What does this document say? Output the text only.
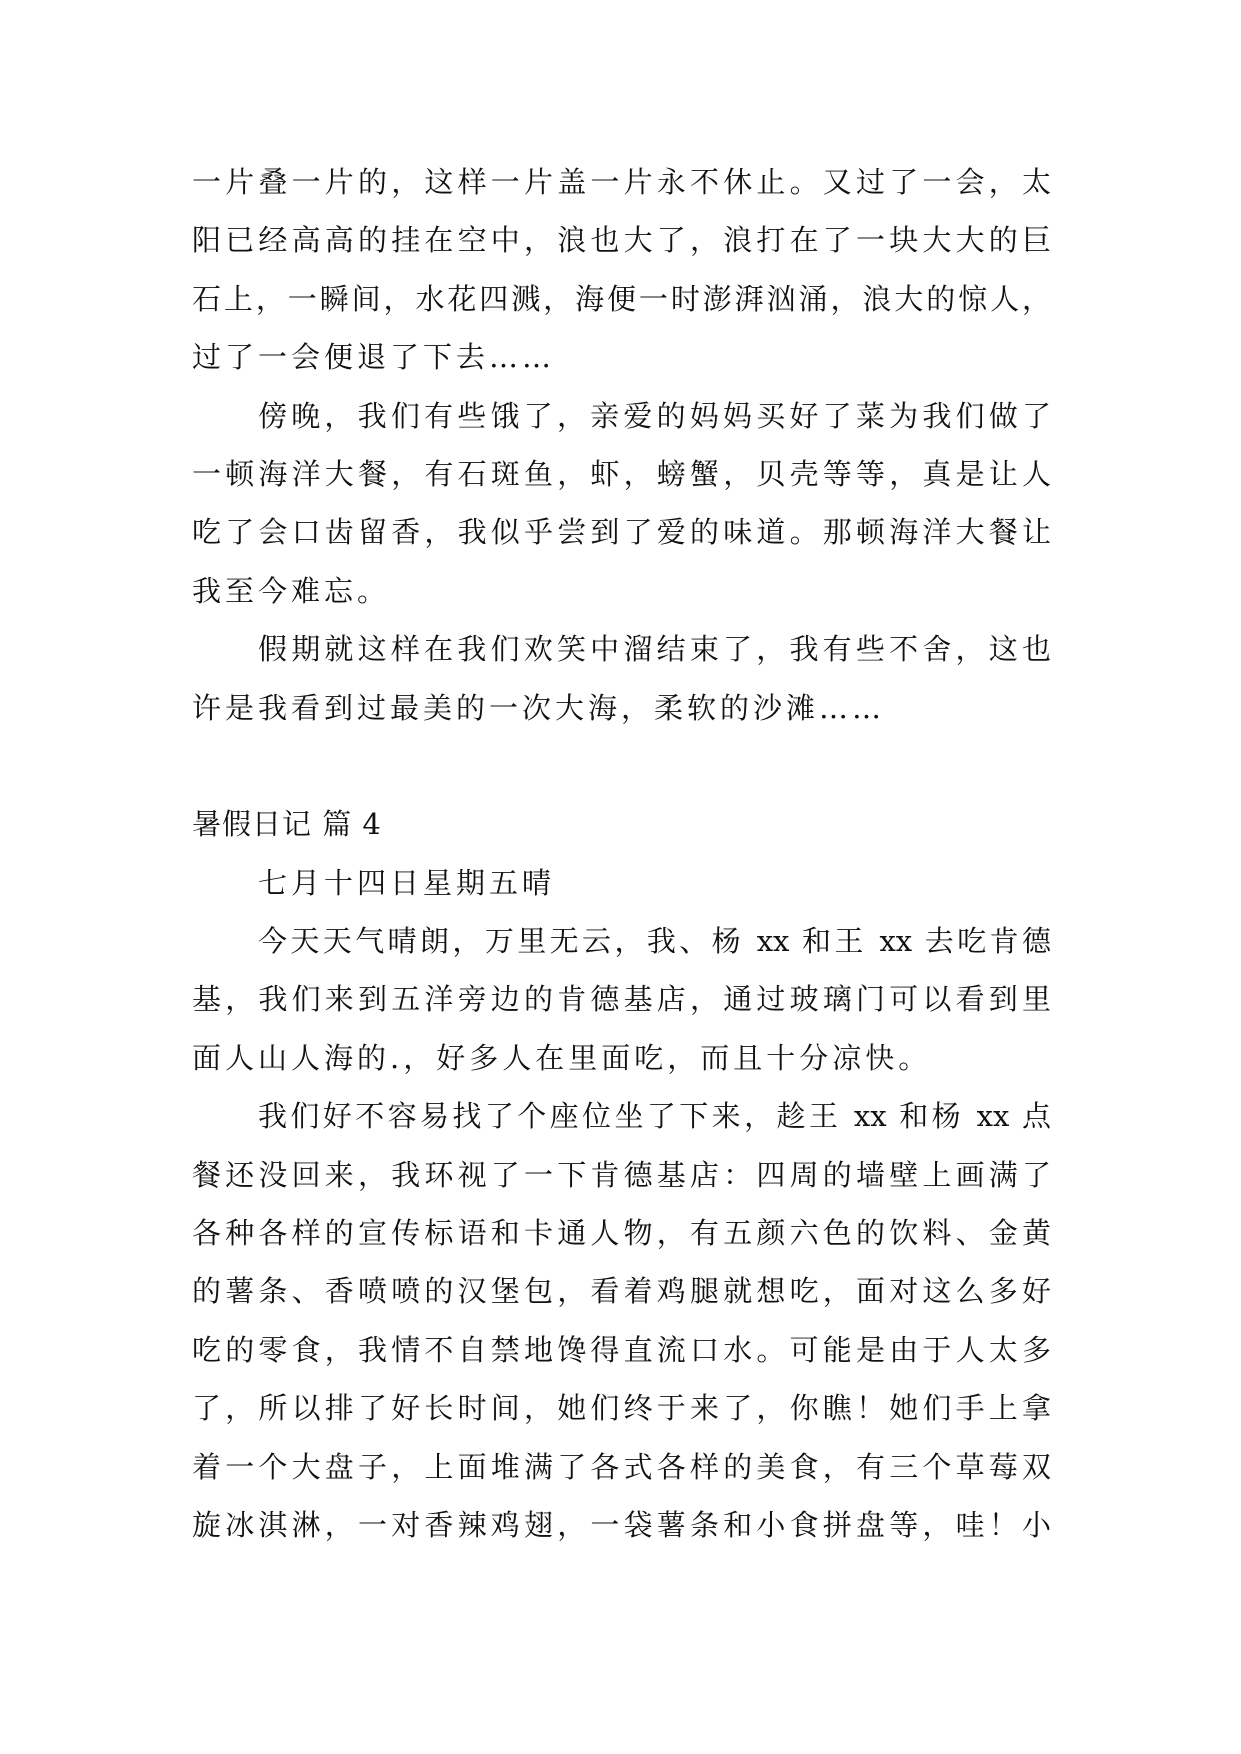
一片叠一片的，这样一片盖一片永不休止。又过了一会，太
阳已经高高的挂在空中，浪也大了，浪打在了一块大大的巨
石上，一瞬间，水花四溅，海便一时澎湃汹涌，浪大的惊人，
过了一会便退了下去……
傍晚，我们有些饿了，亲爱的妈妈买好了菜为我们做了
一顿海洋大餐，有石斑鱼，虾，螃蟹，贝壳等等，真是让人
吃了会口齿留香，我似乎尝到了爱的味道。那顿海洋大餐让
我至今难忘。
假期就这样在我们欢笑中溜结束了，我有些不舍，这也
许是我看到过最美的一次大海，柔软的沙滩……
暑假日记 篇 4
七月十四日星期五晴
今天天气晴朗，万里无云，我、杨 xx 和王 xx 去吃肯德
基，我们来到五洋旁边的肯德基店，通过玻璃门可以看到里
面人山人海的.，好多人在里面吃，而且十分凉快。
我们好不容易找了个座位坐了下来，趁王 xx 和杨 xx 点
餐还没回来，我环视了一下肯德基店：四周的墙壁上画满了
各种各样的宣传标语和卡通人物，有五颜六色的饮料、金黄
的薯条、香喷喷的汉堡包，看着鸡腿就想吃，面对这么多好
吃的零食，我情不自禁地馋得直流口水。可能是由于人太多
了，所以排了好长时间，她们终于来了，你瞧！她们手上拿
着一个大盘子，上面堆满了各式各样的美食，有三个草莓双
旋冰淇淋，一对香辣鸡翅，一袋薯条和小食拼盘等，哇！小
